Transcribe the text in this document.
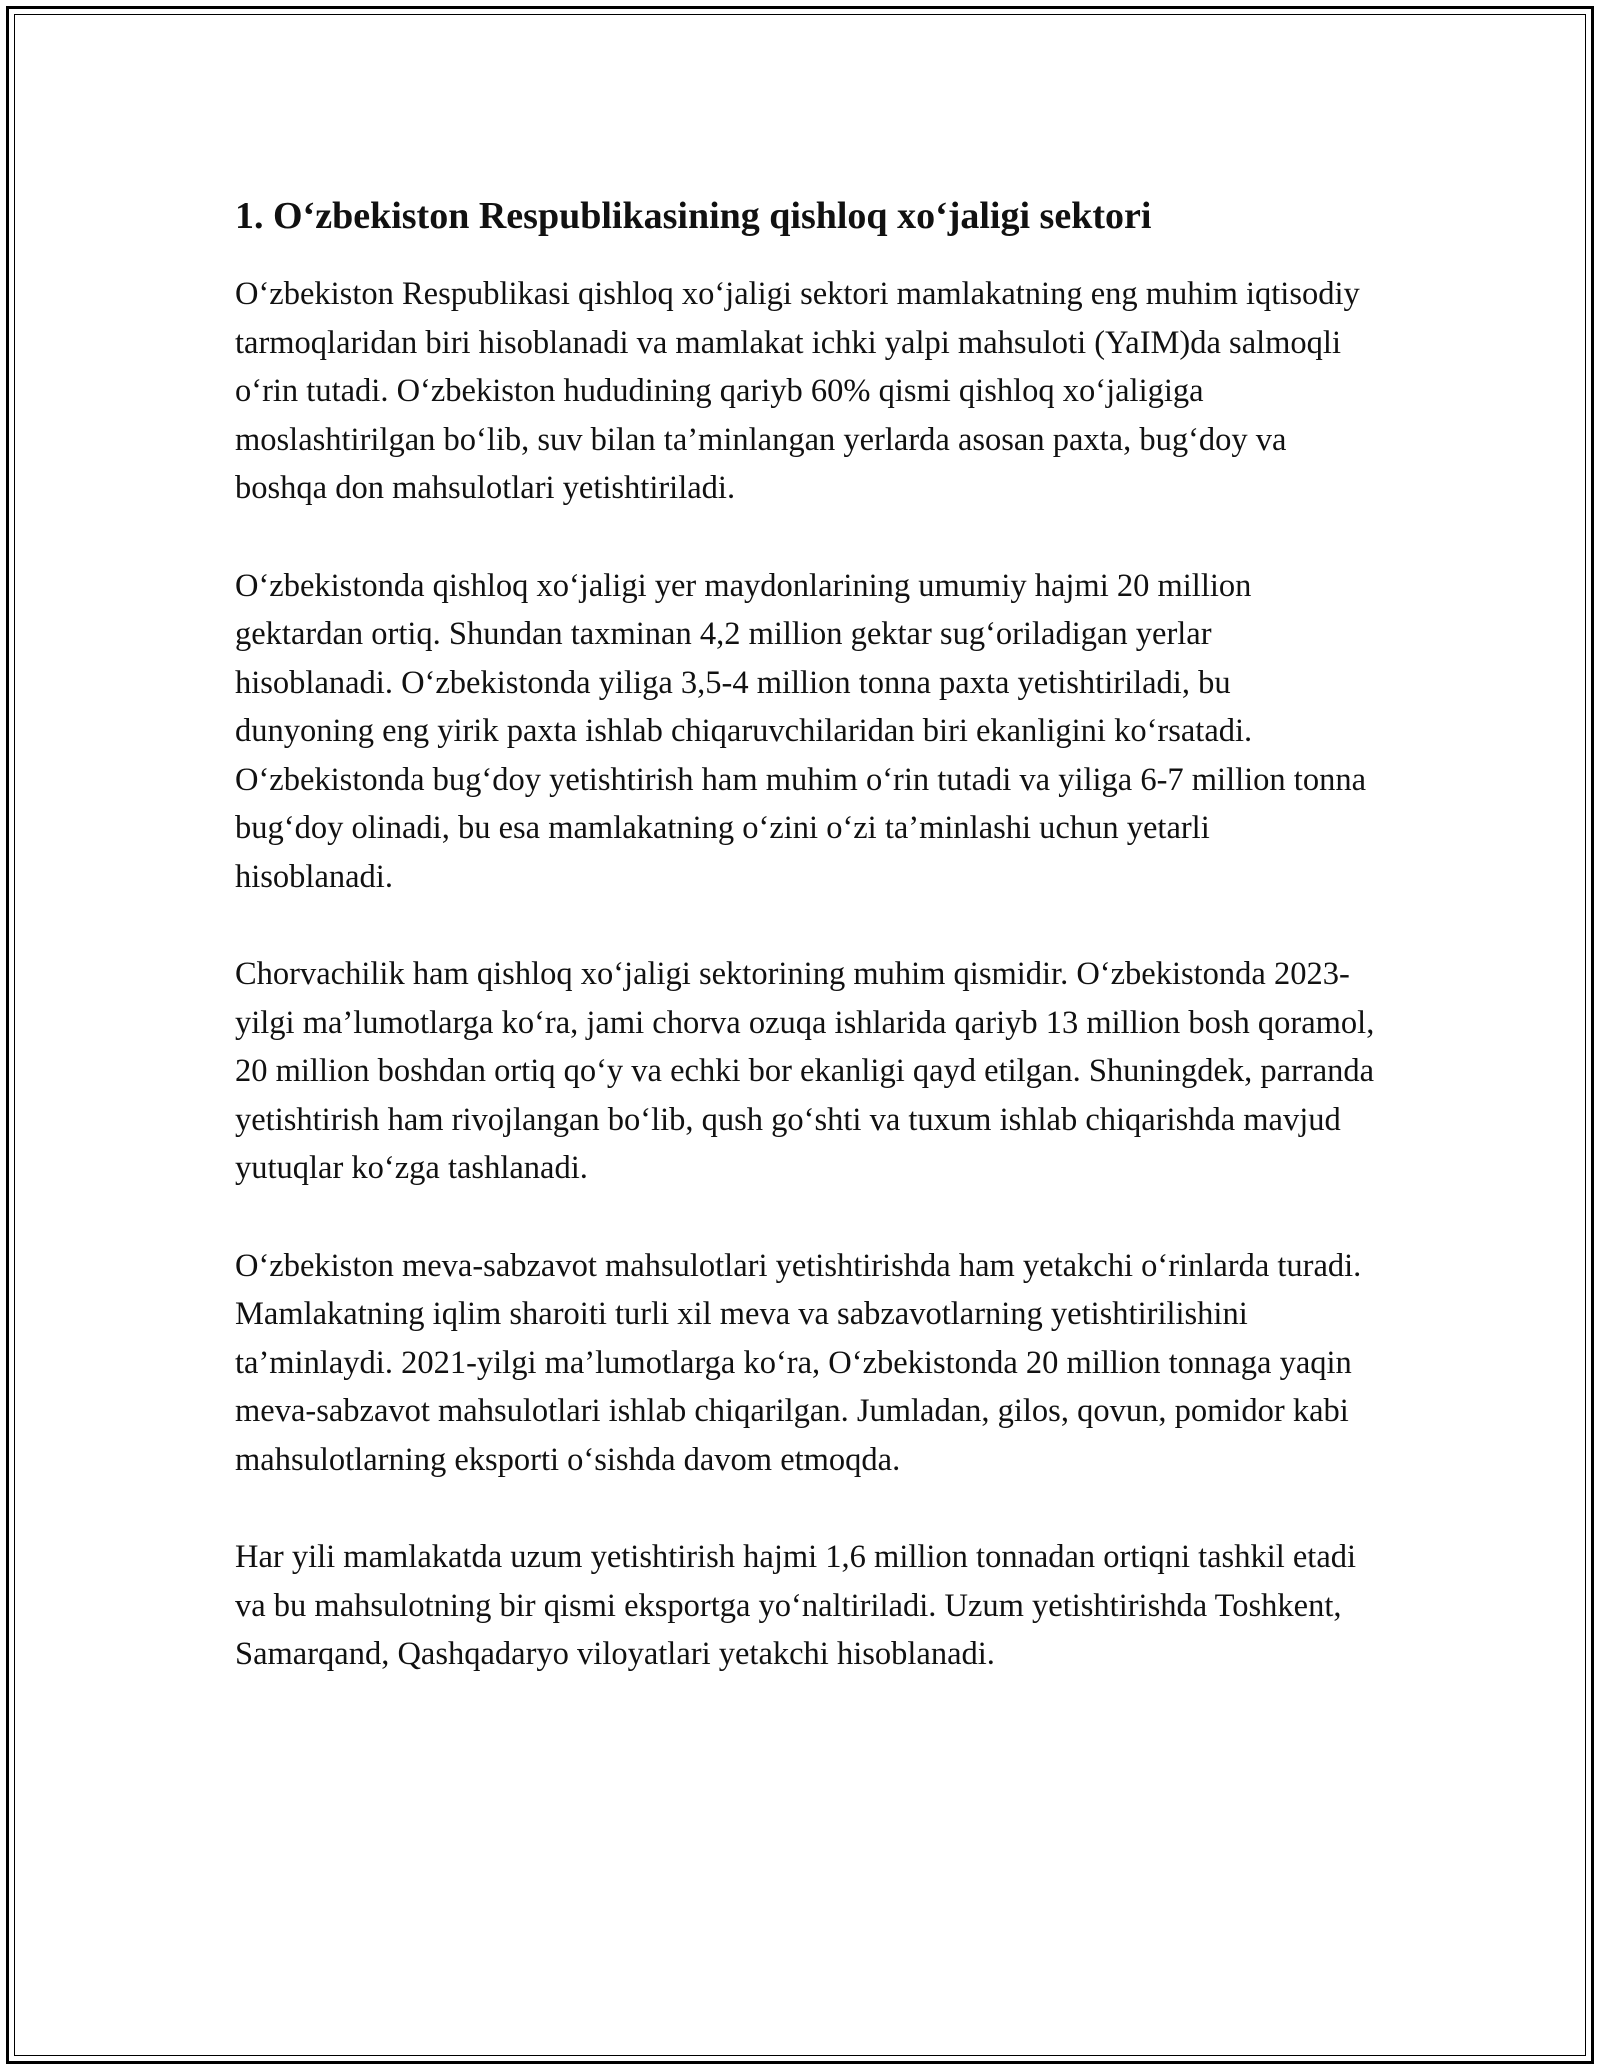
1. O‘zbekiston Respublikasining qishloq xo‘jaligi sektori

O‘zbekiston Respublikasi qishloq xo‘jaligi sektori mamlakatning eng muhim iqtisodiy tarmoqlaridan biri hisoblanadi va mamlakat ichki yalpi mahsuloti (YaIM)da salmoqli o‘rin tutadi. O‘zbekiston hududining qariyb 60% qismi qishloq xo‘jaligiga moslashtirilgan bo‘lib, suv bilan ta’minlangan yerlarda asosan paxta, bug‘doy va boshqa don mahsulotlari yetishtiriladi.

O‘zbekistonda qishloq xo‘jaligi yer maydonlarining umumiy hajmi 20 million gektardan ortiq. Shundan taxminan 4,2 million gektar sug‘oriladigan yerlar hisoblanadi. O‘zbekistonda yiliga 3,5-4 million tonna paxta yetishtiriladi, bu dunyoning eng yirik paxta ishlab chiqaruvchilaridan biri ekanligini ko‘rsatadi. O‘zbekistonda bug‘doy yetishtirish ham muhim o‘rin tutadi va yiliga 6-7 million tonna bug‘doy olinadi, bu esa mamlakatning o‘zini o‘zi ta’minlashi uchun yetarli hisoblanadi.

Chorvachilik ham qishloq xo‘jaligi sektorining muhim qismidir. O‘zbekistonda 2023-yilgi ma’lumotlarga ko‘ra, jami chorva ozuqa ishlarida qariyb 13 million bosh qoramol, 20 million boshdan ortiq qo‘y va echki bor ekanligi qayd etilgan. Shuningdek, parranda yetishtirish ham rivojlangan bo‘lib, qush go‘shti va tuxum ishlab chiqarishda mavjud yutuqlar ko‘zga tashlanadi.

O‘zbekiston meva-sabzavot mahsulotlari yetishtirishda ham yetakchi o‘rinlarda turadi. Mamlakatning iqlim sharoiti turli xil meva va sabzavotlarning yetishtirilishini ta’minlaydi. 2021-yilgi ma’lumotlarga ko‘ra, O‘zbekistonda 20 million tonnaga yaqin meva-sabzavot mahsulotlari ishlab chiqarilgan. Jumladan, gilos, qovun, pomidor kabi mahsulotlarning eksporti o‘sishda davom etmoqda.

Har yili mamlakatda uzum yetishtirish hajmi 1,6 million tonnadan ortiqni tashkil etadi va bu mahsulotning bir qismi eksportga yo‘naltiriladi. Uzum yetishtirishda Toshkent, Samarqand, Qashqadaryo viloyatlari yetakchi hisoblanadi.
